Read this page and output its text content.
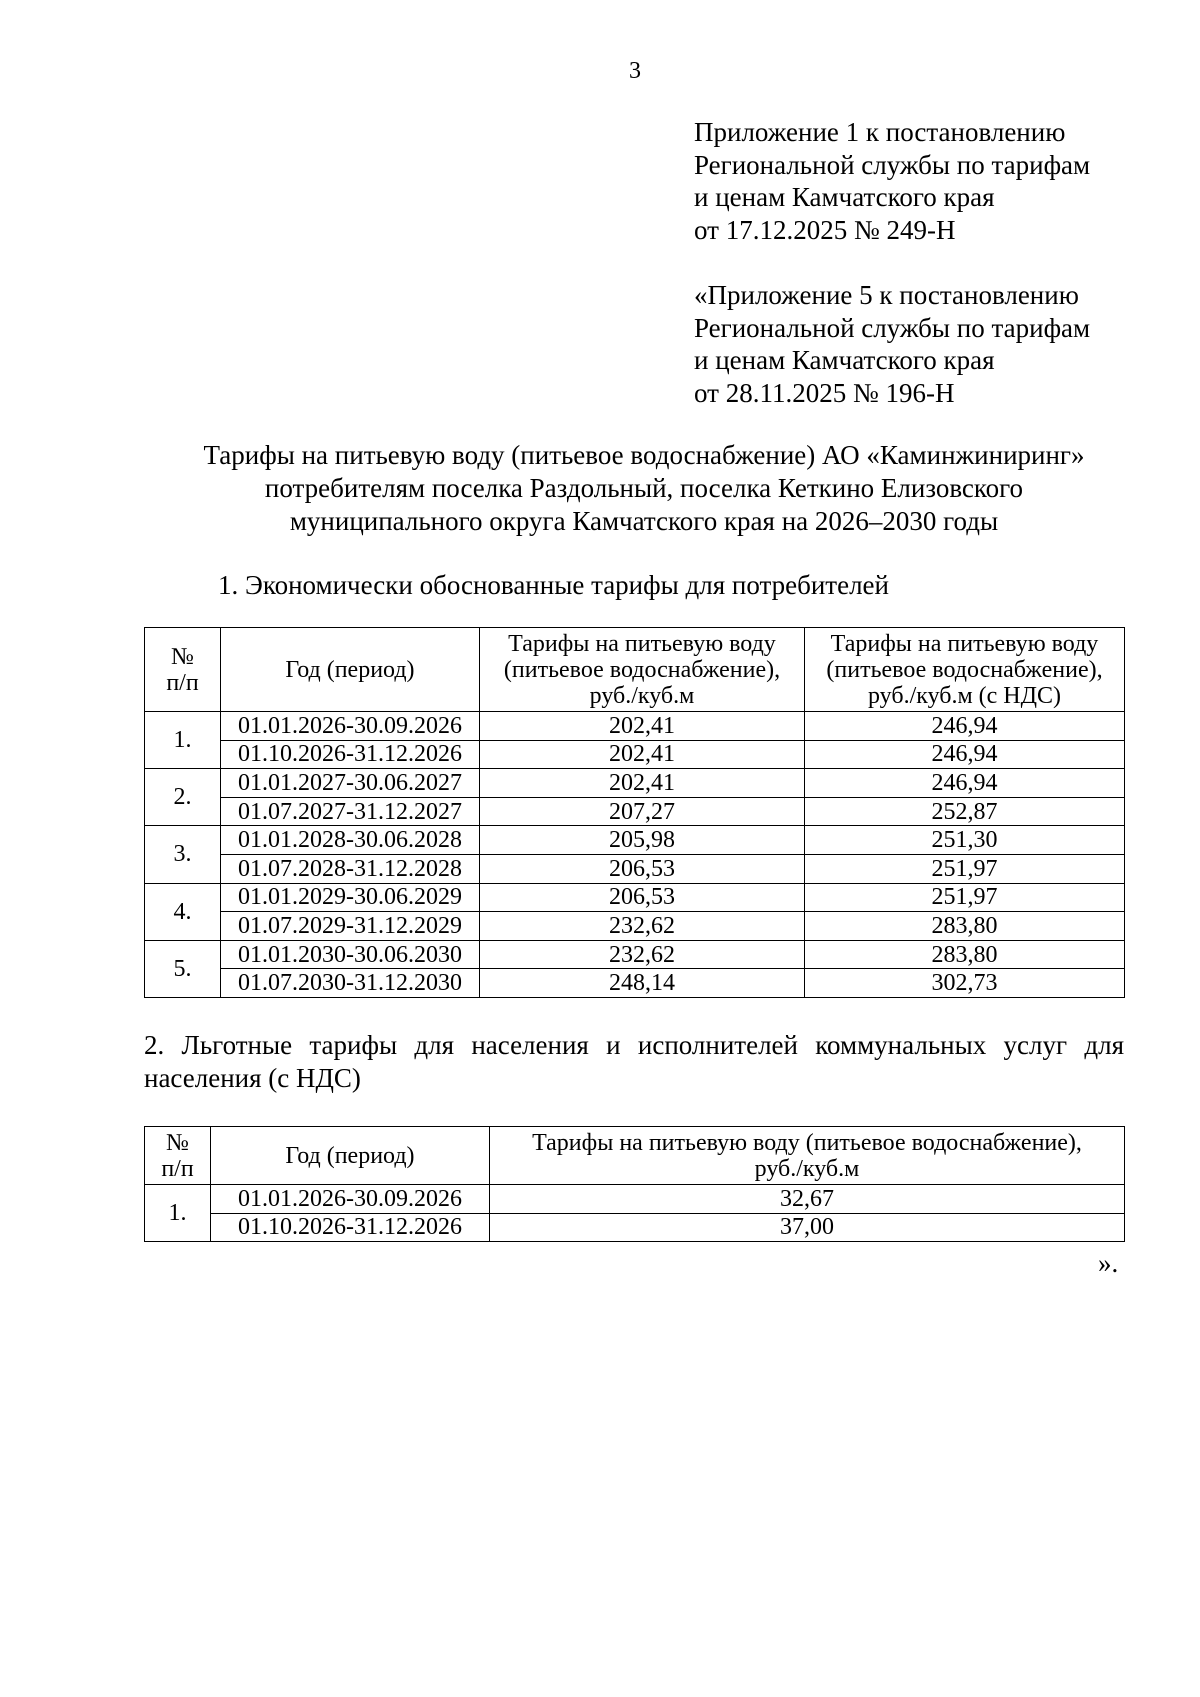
3
Приложение 1 к постановлению
Региональной службы по тарифам
и ценам Камчатского края
от 17.12.2025 № 249-Н
«Приложение 5 к постановлению
Региональной службы по тарифам
и ценам Камчатского края
от 28.11.2025 № 196-Н
Тарифы на питьевую воду (питьевое водоснабжение) АО «Каминжиниринг»
потребителям поселка Раздольный, поселка Кеткино Елизовского
муниципального округа Камчатского края на 2026–2030 годы
1. Экономически обоснованные тарифы для потребителей
№
п/п	Год (период)	Тарифы на питьевую воду
(питьевое водоснабжение),
руб./куб.м	Тарифы на питьевую воду
(питьевое водоснабжение),
руб./куб.м (с НДС)
1.	01.01.2026-30.09.2026	202,41	246,94
	01.10.2026-31.12.2026	202,41	246,94
2.	01.01.2027-30.06.2027	202,41	246,94
	01.07.2027-31.12.2027	207,27	252,87
3.	01.01.2028-30.06.2028	205,98	251,30
	01.07.2028-31.12.2028	206,53	251,97
4.	01.01.2029-30.06.2029	206,53	251,97
	01.07.2029-31.12.2029	232,62	283,80
5.	01.01.2030-30.06.2030	232,62	283,80
	01.07.2030-31.12.2030	248,14	302,73
2. Льготные тарифы для населения и исполнителей коммунальных услуг для населения (с НДС)
№
п/п	Год (период)	Тарифы на питьевую воду (питьевое водоснабжение),
руб./куб.м
1.	01.01.2026-30.09.2026	32,67
	01.10.2026-31.12.2026	37,00
».
